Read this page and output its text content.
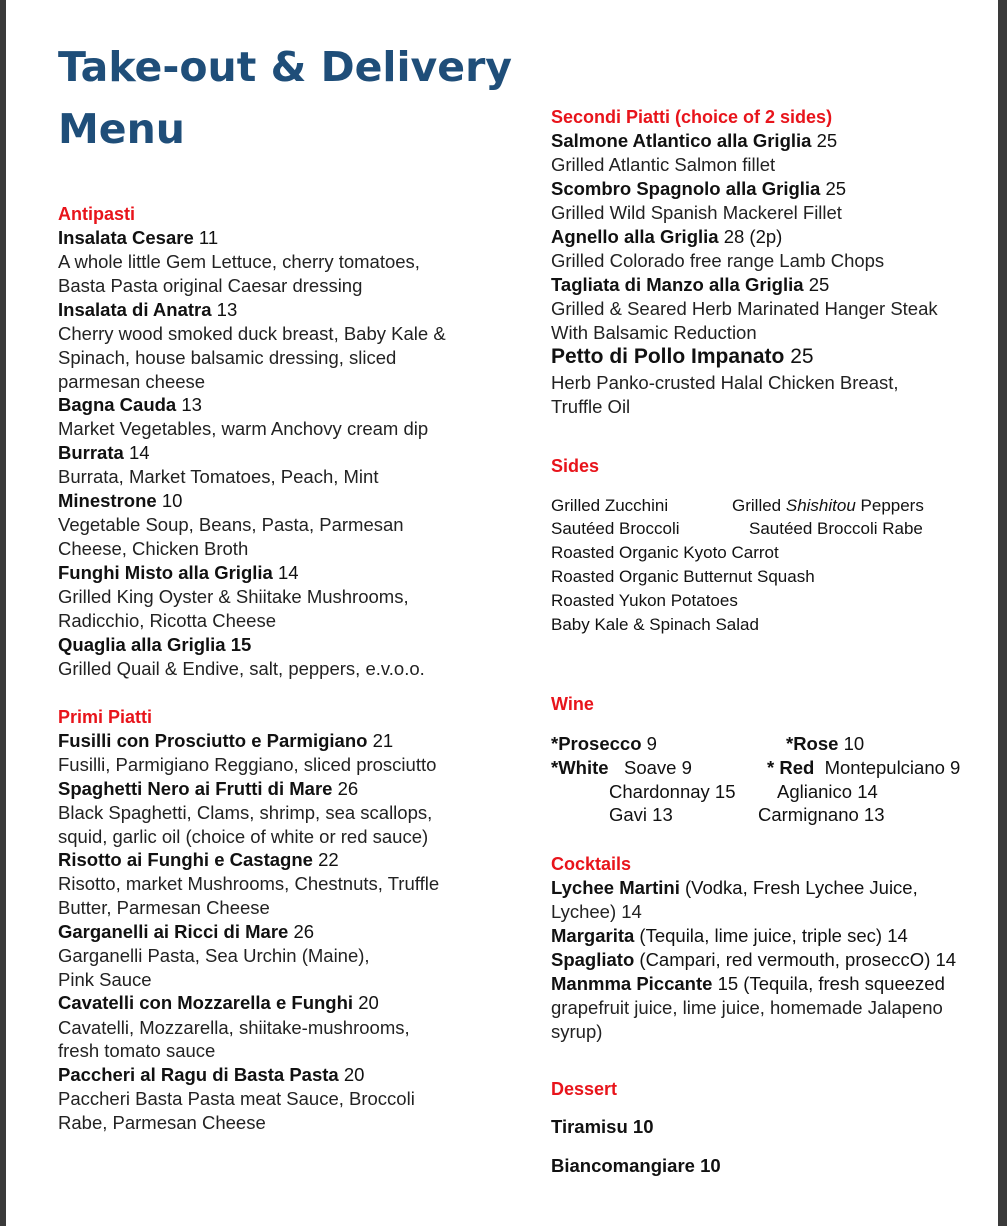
Take-out & Delivery
Menu
Antipasti
Insalata Cesare 11
A whole little Gem Lettuce, cherry tomatoes,
Basta Pasta original Caesar dressing
Insalata di Anatra 13
Cherry wood smoked duck breast, Baby Kale &
Spinach, house balsamic dressing, sliced
parmesan cheese
Bagna Cauda 13
Market Vegetables, warm Anchovy cream dip
Burrata 14
Burrata, Market Tomatoes, Peach, Mint
Minestrone 10
Vegetable Soup, Beans, Pasta, Parmesan
Cheese, Chicken Broth
Funghi Misto alla Griglia 14
Grilled King Oyster & Shiitake Mushrooms,
Radicchio, Ricotta Cheese
Quaglia alla Griglia 15
Grilled Quail & Endive, salt, peppers, e.v.o.o.
Primi Piatti
Fusilli con Prosciutto e Parmigiano 21
Fusilli, Parmigiano Reggiano, sliced prosciutto
Spaghetti Nero ai Frutti di Mare 26
Black Spaghetti, Clams, shrimp, sea scallops,
squid, garlic oil (choice of white or red sauce)
Risotto ai Funghi e Castagne 22
Risotto, market Mushrooms, Chestnuts, Truffle
Butter, Parmesan Cheese
Garganelli ai Ricci di Mare 26
Garganelli Pasta, Sea Urchin (Maine),
Pink Sauce
Cavatelli con Mozzarella e Funghi 20
Cavatelli, Mozzarella, shiitake-mushrooms,
fresh tomato sauce
Paccheri al Ragu di Basta Pasta 20
Paccheri Basta Pasta meat Sauce, Broccoli
Rabe, Parmesan Cheese
Secondi Piatti (choice of 2 sides)
Salmone Atlantico alla Griglia 25
Grilled Atlantic Salmon fillet
Scombro Spagnolo alla Griglia 25
Grilled Wild Spanish Mackerel Fillet
Agnello alla Griglia 28 (2p)
Grilled Colorado free range Lamb Chops
Tagliata di Manzo alla Griglia 25
Grilled & Seared Herb Marinated Hanger Steak
With Balsamic Reduction
Petto di Pollo Impanato 25
Herb Panko-crusted Halal Chicken Breast,
Truffle Oil
Sides
Grilled Zucchini	Grilled Shishitou Peppers
Sautéed Broccoli	Sautéed Broccoli Rabe
Roasted Organic Kyoto Carrot
Roasted Organic Butternut Squash
Roasted Yukon Potatoes
Baby Kale & Spinach Salad
Wine
*Prosecco 9	*Rose 10
*White Soave 9	* Red Montepulciano 9
Chardonnay 15 Aglianico 14
Gavi 13	Carmignano 13
Cocktails
Lychee Martini (Vodka, Fresh Lychee Juice,
Lychee) 14
Margarita (Tequila, lime juice, triple sec) 14
Spagliato (Campari, red vermouth, proseccO) 14
Manmma Piccante 15 (Tequila, fresh squeezed
grapefruit juice, lime juice, homemade Jalapeno
syrup)
Dessert
Tiramisu 10
Biancomangiare 10
